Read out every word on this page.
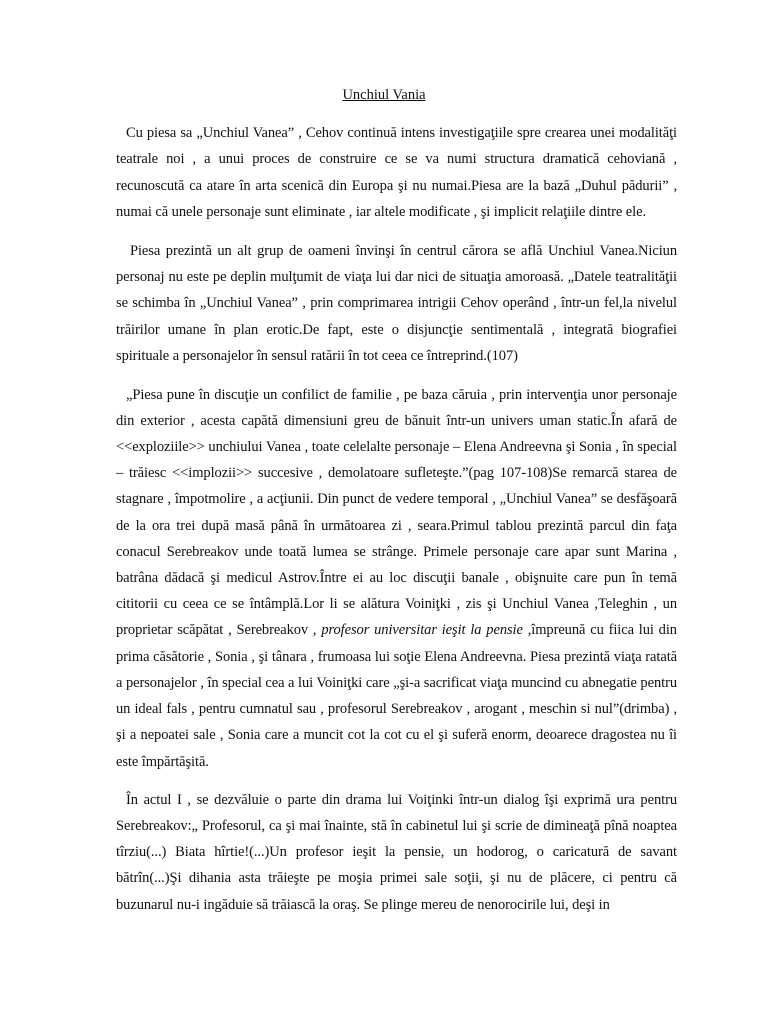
Unchiul Vania

Cu piesa sa „Unchiul Vanea” , Cehov continuă intens investigaţiile spre crearea unei modalităţi teatrale noi , a unui proces de construire ce se va numi structura dramatică cehoviană , recunoscută ca atare în arta scenică din Europa şi nu numai.Piesa are la bază „Duhul pădurii” , numai că unele personaje sunt eliminate , iar altele modificate , şi implicit relaţiile dintre ele.

Piesa prezintă un alt grup de oameni învinşi în centrul cărora se află Unchiul Vanea.Niciun personaj nu este pe deplin mulţumit de viaţa lui dar nici de situaţia amoroasă. „Datele teatralităţii se schimba în „Unchiul Vanea” , prin comprimarea intrigii Cehov operând , într-un fel,la nivelul trăirilor umane în plan erotic.De fapt, este o disjuncţie sentimentală , integrată biografiei spirituale a personajelor în sensul ratării în tot ceea ce întreprind.(107)

„Piesa pune în discuţie un confilict de familie , pe baza căruia , prin intervenţia unor personaje din exterior , acesta capătă dimensiuni greu de bănuit într-un univers uman static.În afară de <<exploziile>> unchiului Vanea , toate celelalte personaje – Elena Andreevna şi Sonia , în special – trăiesc <<implozii>> succesive , demolatoare sufleteşte.”(pag 107-108)Se remarcă starea de stagnare , împotmolire , a acţiunii. Din punct de vedere temporal , „Unchiul Vanea” se desfăşoară de la ora trei după masă până în următoarea zi , seara.Primul tablou prezintă parcul din faţa conacul Serebreakov unde toată lumea se strânge. Primele personaje care apar sunt Marina , batrâna dădacă şi medicul Astrov.Între ei au loc discuţii banale , obişnuite care pun în temă cititorii cu ceea ce se întâmplă.Lor li se alătura Voiniţki , zis şi Unchiul Vanea ,Teleghin , un proprietar scăpătat , Serebreakov , profesor universitar ieşit la pensie ,împreună cu fiica lui din prima căsătorie , Sonia , şi tânara , frumoasa lui soţie Elena Andreevna. Piesa prezintă viaţa ratată a personajelor , în special cea a lui Voiniţki care „şi-a sacrificat viaţa muncind cu abnegatie pentru un ideal fals , pentru cumnatul sau , profesorul Serebreakov , arogant , meschin si nul”(drimba) , şi a nepoatei sale , Sonia care a muncit cot la cot cu el şi suferă enorm, deoarece dragostea nu îi este împărtăşită.

În actul I , se dezvăluie o parte din drama lui Voiţinki într-un dialog îşi exprimă ura pentru Serebreakov:„ Profesorul, ca şi mai înainte, stă în cabinetul lui şi scrie de dimineaţă pînă noaptea tîrziu(...) Biata hîrtie!(...)Un profesor ieşit la pensie, un hodorog, o caricatură de savant bătrîn(...)Şi dihania asta trăieşte pe moşia primei sale soţii, şi nu de plăcere, ci pentru că buzunarul nu-i ingăduie să trăiască la oraş. Se plinge mereu de nenorocirile lui, deşi in
